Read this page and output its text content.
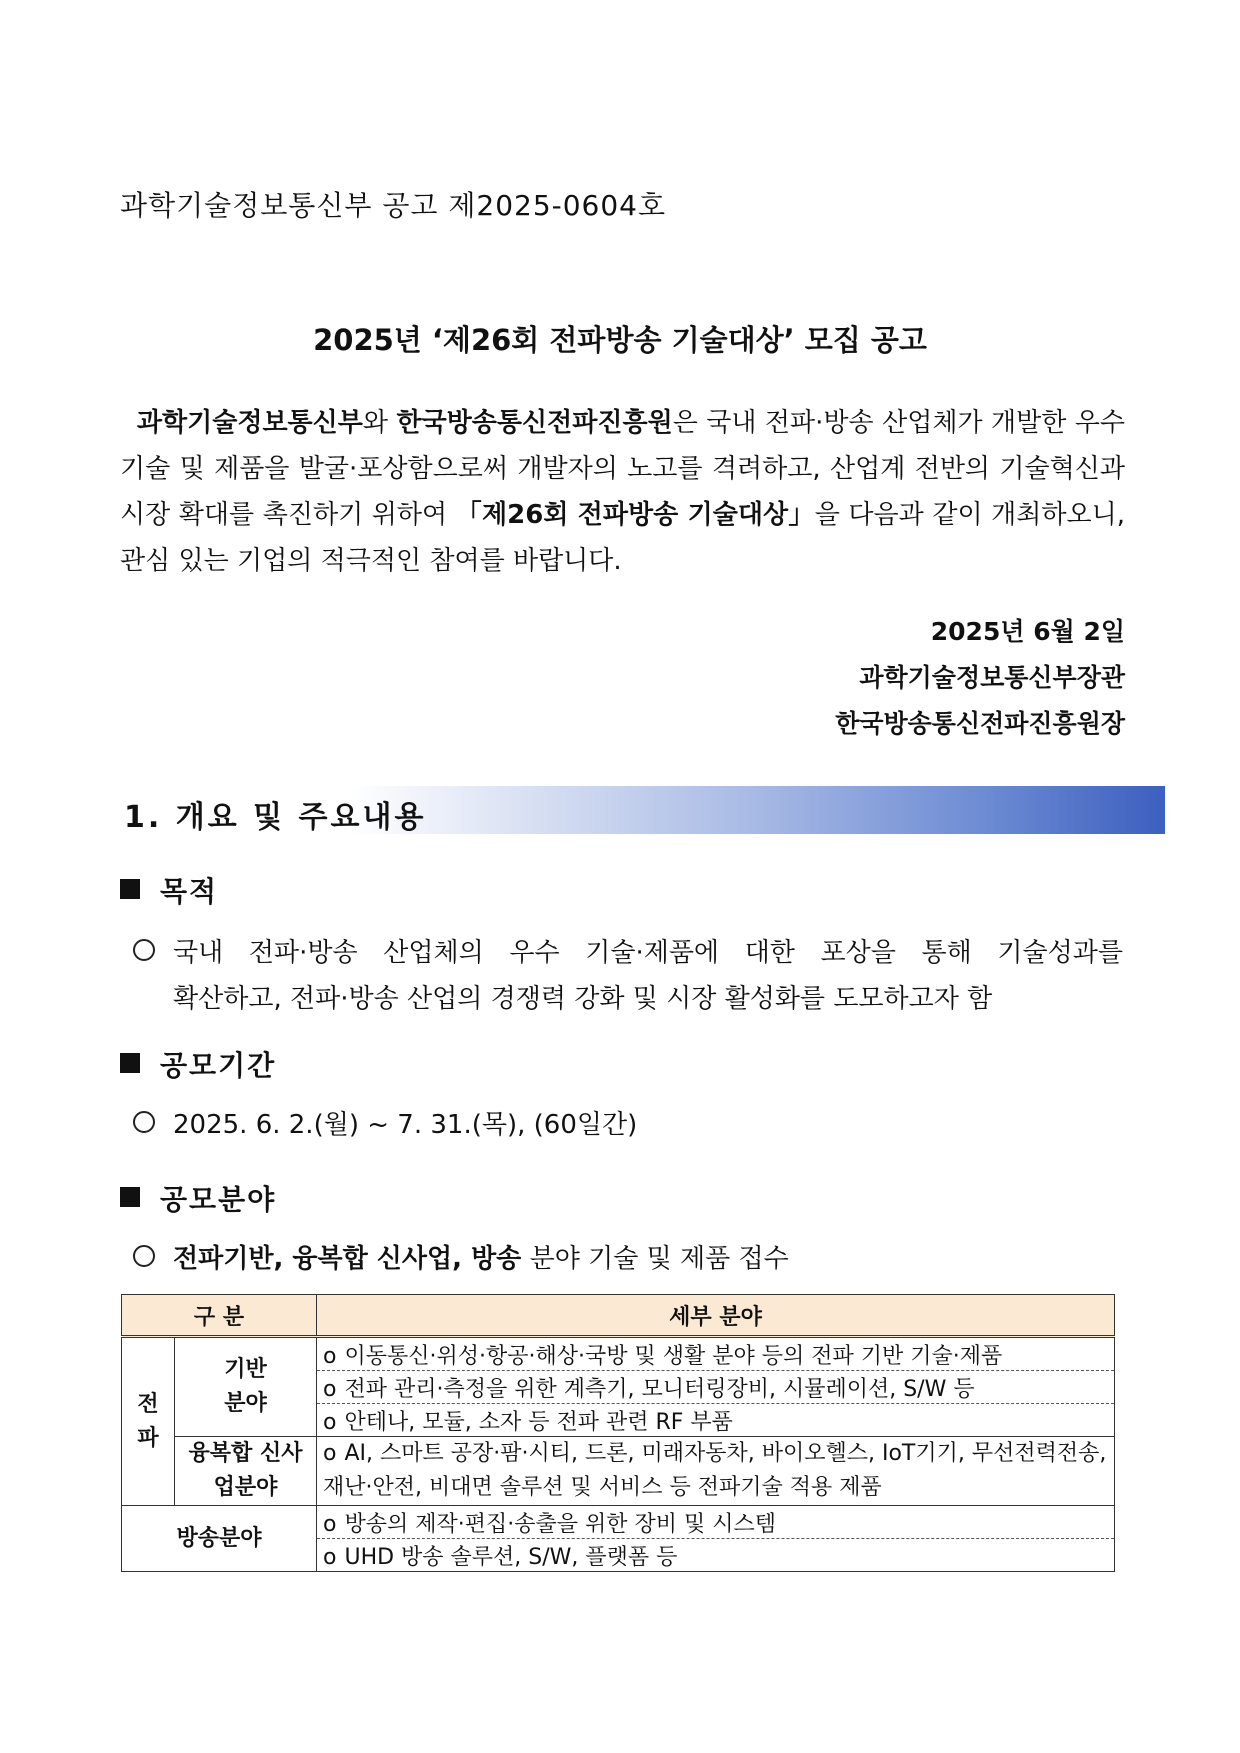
과학기술정보통신부 공고 제2025-0604호
2025년 ‘제26회 전파방송 기술대상’ 모집 공고
과학기술정보통신부와 한국방송통신전파진흥원은 국내 전파·방송 산업체가 개발한 우수 기술 및 제품을 발굴·포상함으로써 개발자의 노고를 격려하고, 산업계 전반의 기술혁신과 시장 확대를 촉진하기 위하여 「제26회 전파방송 기술대상」을 다음과 같이 개최하오니, 관심 있는 기업의 적극적인 참여를 바랍니다.
2025년 6월 2일
과학기술정보통신부장관
한국방송통신전파진흥원장
1. 개요 및 주요내용
목적
국내 전파·방송 산업체의 우수 기술·제품에 대한 포상을 통해 기술성과를
확산하고, 전파·방송 산업의 경쟁력 강화 및 시장 활성화를 도모하고자 함
공모기간
2025. 6. 2.(월) ~ 7. 31.(목), (60일간)
공모분야
전파기반, 융복합 신사업, 방송 분야 기술 및 제품 접수
구 분		세부 분야
전파	기반 분야	o 이동통신·위성·항공·해상·국방 및 생활 분야 등의 전파 기반 기술·제품
		o 전파 관리·측정을 위한 계측기, 모니터링장비, 시뮬레이션, S/W 등
		o 안테나, 모듈, 소자 등 전파 관련 RF 부품
	융복합 신사업분야	o AI, 스마트 공장·팜·시티, 드론, 미래자동차, 바이오헬스, IoT기기, 무선전력전송, 재난·안전, 비대면 솔루션 및 서비스 등 전파기술 적용 제품

방송분야		o 방송의 제작·편집·송출을 위한 장비 및 시스템
		o UHD 방송 솔루션, S/W, 플랫폼 등
